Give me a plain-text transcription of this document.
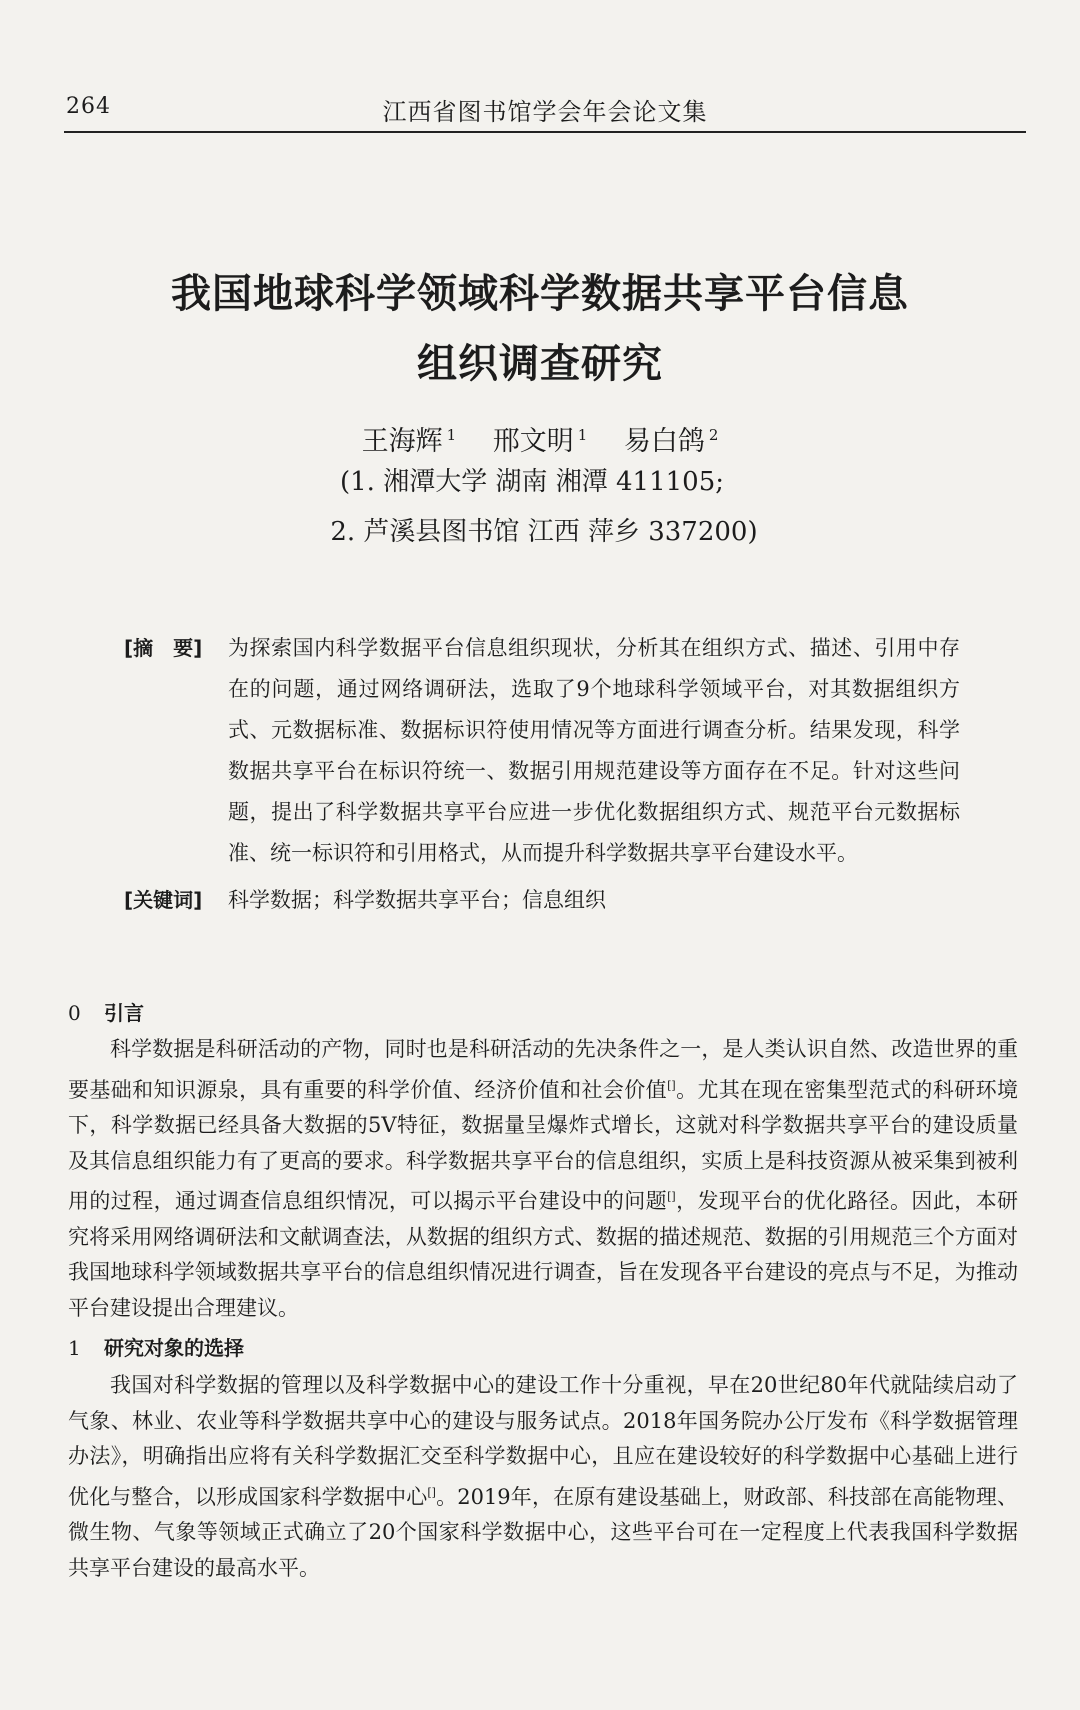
264	江西省图书馆学会年会论文集
我国地球科学领域科学数据共享平台信息
组织调查研究
王海辉 $^1$ 邢文明 $^1$ 易白鸽 $^2$
(1. 湘潭大学 湖南 湘潭 411105;
2. 芦溪县图书馆 江西 萍乡 337200)
[摘　要] 为探索国内科学数据平台信息组织现状，分析其在组织方式、描述、引用中存在的问题，通过网络调研法，选取了9个地球科学领域平台，对其数据组织方式、元数据标准、数据标识符使用情况等方面进行调查分析。结果发现，科学数据共享平台在标识符统一、数据引用规范建设等方面存在不足。针对这些问题，提出了科学数据共享平台应进一步优化数据组织方式、规范平台元数据标准、统一标识符和引用格式，从而提升科学数据共享平台建设水平。
[关键词] 科学数据；科学数据共享平台；信息组织
0 引言

科学数据是科研活动的产物，同时也是科研活动的先决条件之一，是人类认识自然、改造世界的重要基础和知识源泉，具有重要的科学价值、经济价值和社会价值[]。尤其在现在密集型范式的科研环境下，科学数据已经具备大数据的5V特征，数据量呈爆炸式增长，这就对科学数据共享平台的建设质量及其信息组织能力有了更高的要求。科学数据共享平台的信息组织，实质上是科技资源从被采集到被利用的过程，通过调查信息组织情况，可以揭示平台建设中的问题[]，发现平台的优化路径。因此，本研究将采用网络调研法和文献调查法，从数据的组织方式、数据的描述规范、数据的引用规范三个方面对我国地球科学领域数据共享平台的信息组织情况进行调查，旨在发现各平台建设的亮点与不足，为推动平台建设提出合理建议。

1 研究对象的选择

我国对科学数据的管理以及科学数据中心的建设工作十分重视，早在20世纪80年代就陆续启动了气象、林业、农业等科学数据共享中心的建设与服务试点。2018年国务院办公厅发布《科学数据管理办法》，明确指出应将有关科学数据汇交至科学数据中心，且应在建设较好的科学数据中心基础上进行优化与整合，以形成国家科学数据中心[]。2019年，在原有建设基础上，财政部、科技部在高能物理、微生物、气象等领域正式确立了20个国家科学数据中心，这些平台可在一定程度上代表我国科学数据共享平台建设的最高水平。
